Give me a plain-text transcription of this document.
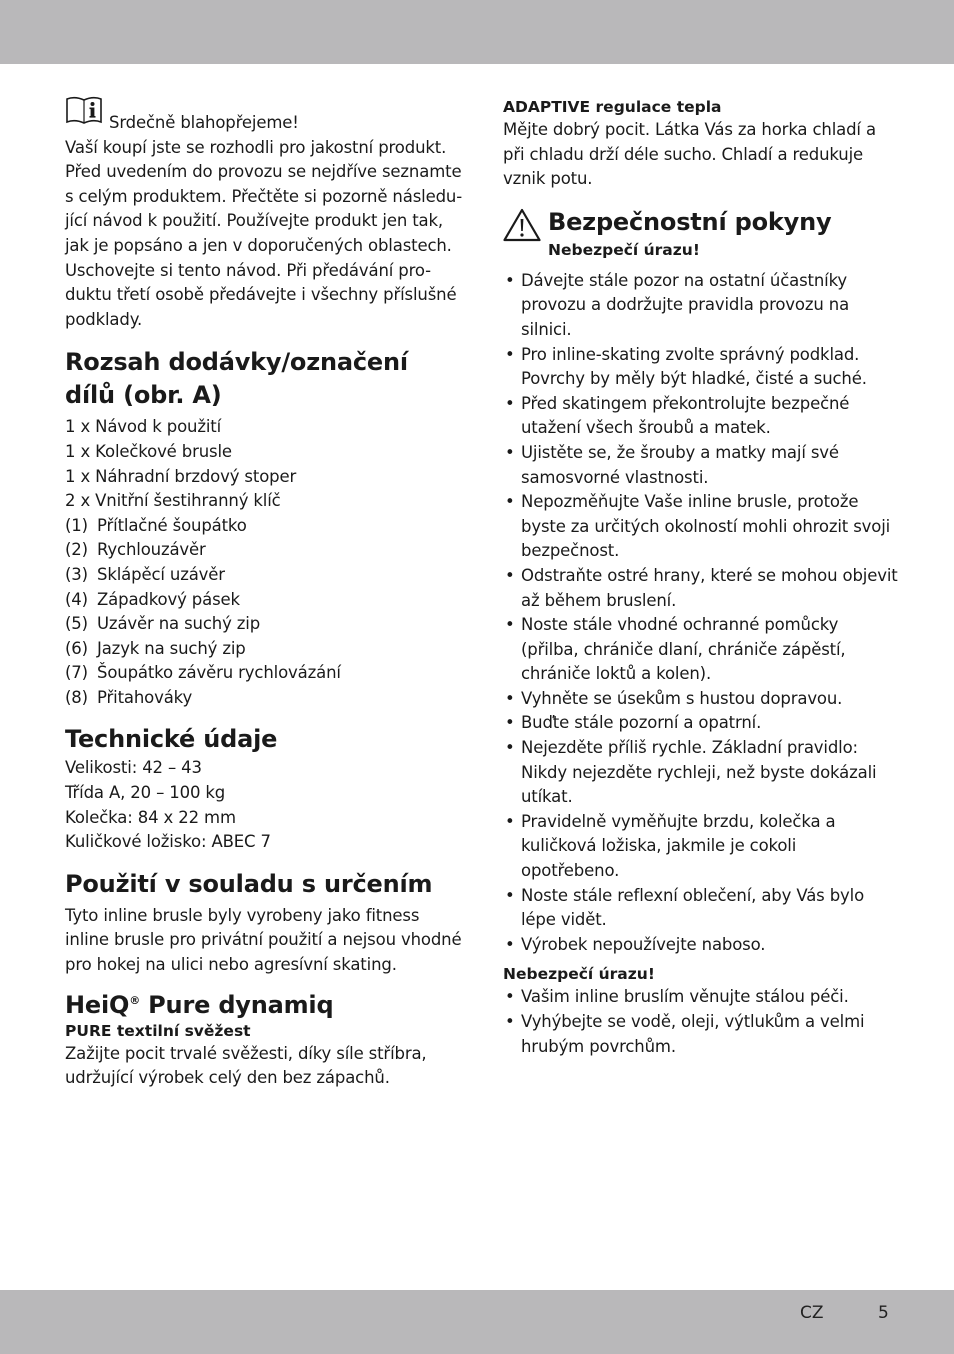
Srdečně blahopřejeme!
Vaší koupí jste se rozhodli pro jakostní produkt.
Před uvedením do provozu se nejdříve seznamte
s celým produktem. Přečtěte si pozorně následu-
jící návod k použití. Používejte produkt jen tak,
jak je popsáno a jen v doporučených oblastech.
Uschovejte si tento návod. Při předávání pro-
duktu třetí osobě předávejte i všechny příslušné
podklady.
Rozsah dodávky/označení
dílů (obr. A)
1 x Návod k použití
1 x Kolečkové brusle
1 x Náhradní brzdový stoper
2 x Vnitřní šestihranný klíč
(1) Přítlačné šoupátko
(2) Rychlouzávěr
(3) Sklápěcí uzávěr
(4) Západkový pásek
(5) Uzávěr na suchý zip
(6) Jazyk na suchý zip
(7) Šoupátko závěru rychlovázání
(8) Přitahováky
Technické údaje
Velikosti: 42 – 43
Třída A, 20 – 100 kg
Kolečka: 84 x 22 mm
Kuličkové ložisko: ABEC 7
Použití v souladu s určením
Tyto inline brusle byly vyrobeny jako fitness
inline brusle pro privátní použití a nejsou vhodné
pro hokej na ulici nebo agresívní skating.
HeiQ® Pure dynamiq

PURE textilní svěžest

Zažijte pocit trvalé svěžesti, díky síle stříbra,
udržující výrobek celý den bez zápachů.

ADAPTIVE regulace tepla

Mějte dobrý pocit. Látka Vás za horka chladí a
při chladu drží déle sucho. Chladí a redukuje
vznik potu.
Bezpečnostní pokyny

Nebezpečí úrazu!

• Dávejte stále pozor na ostatní účastníky
provozu a dodržujte pravidla provozu na
silnici.
• Pro inline-skating zvolte správný podklad.
Povrchy by měly být hladké, čisté a suché.
• Před skatingem překontrolujte bezpečné
utažení všech šroubů a matek.
• Ujistěte se, že šrouby a matky mají své
samosvorné vlastnosti.
• Nepozměňujte Vaše inline brusle, protože
byste za určitých okolností mohli ohrozit svoji
bezpečnost.
• Odstraňte ostré hrany, které se mohou objevit
až během bruslení.
• Noste stále vhodné ochranné pomůcky
(přilba, chrániče dlaní, chrániče zápěstí,
chrániče loktů a kolen).
• Vyhněte se úsekům s hustou dopravou.
• Buďte stále pozorní a opatrní.
• Nejezděte příliš rychle. Základní pravidlo:
Nikdy nejezděte rychleji, než byste dokázali
utíkat.
• Pravidelně vyměňujte brzdu, kolečka a
kuličková ložiska, jakmile je cokoli
opotřebeno.
• Noste stále reflexní oblečení, aby Vás bylo
lépe vidět.
• Výrobek nepoužívejte naboso.

Nebezpečí úrazu!

• Vašim inline bruslím věnujte stálou péči.
• Vyhýbejte se vodě, oleji, výtlukům a velmi
hrubým povrchům.
CZ	5
